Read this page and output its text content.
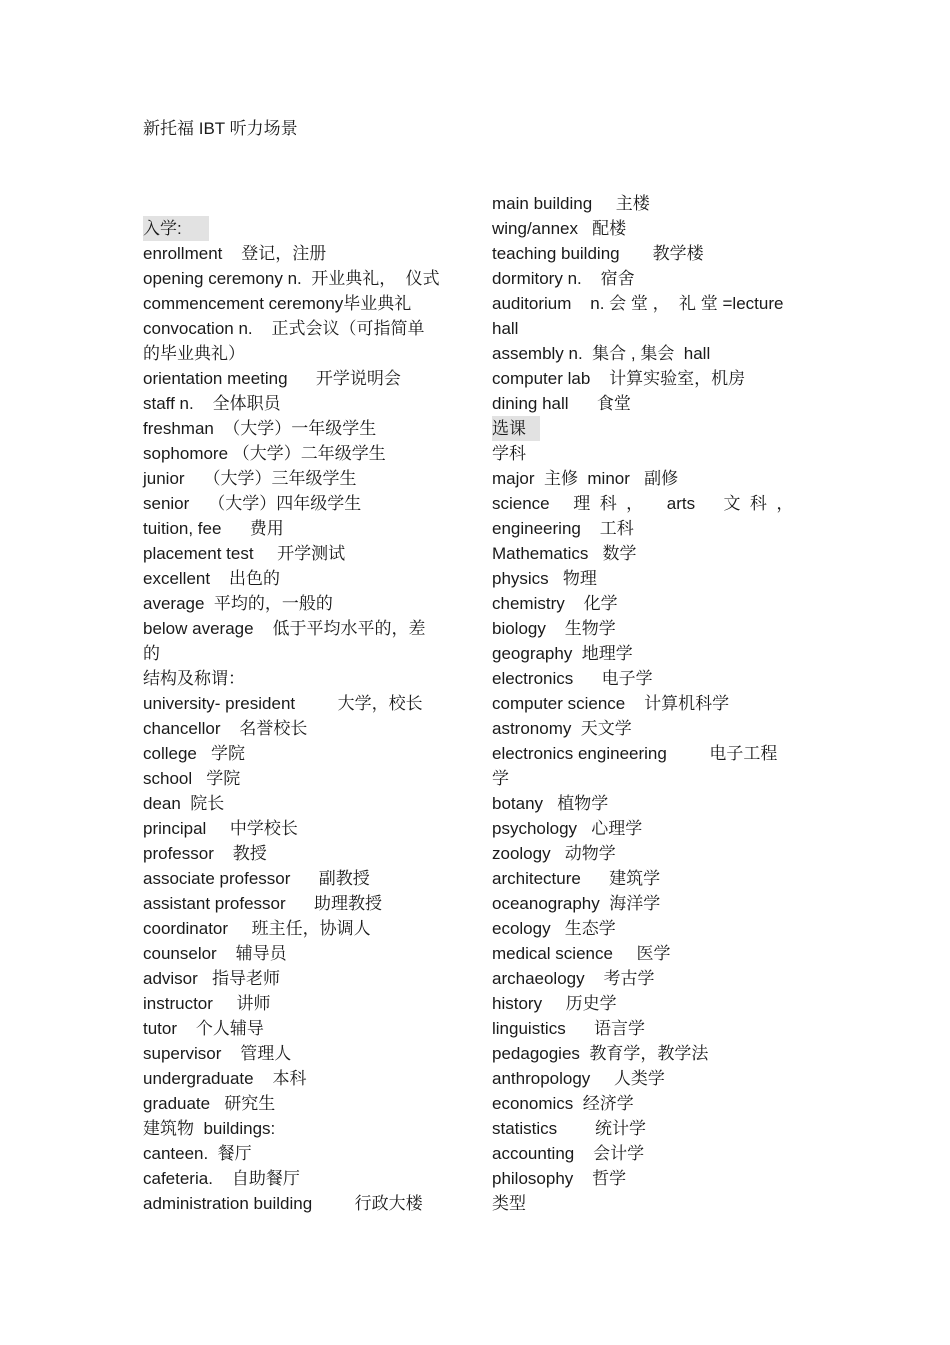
新托福 IBT 听力场景

入学:
enrollment    登记，注册
opening ceremony n.  开业典礼，  仪式
commencement ceremony毕业典礼
convocation n.    正式会议（可指简单
的毕业典礼）
orientation meeting      开学说明会
staff n.    全体职员
freshman  （大学）一年级学生
sophomore （大学）二年级学生
junior    （大学）三年级学生
senior    （大学）四年级学生
tuition, fee      费用
placement test     开学测试
excellent    出色的
average  平均的，一般的
below average    低于平均水平的，差
的
结构及称谓：
university- president         大学，校长
chancellor    名誉校长
college   学院
school   学院
dean  院长
principal     中学校长
professor    教授
associate professor      副教授
assistant professor      助理教授
coordinator     班主任，协调人
counselor    辅导员
advisor   指导老师
instructor     讲师
tutor    个人辅导
supervisor    管理人
undergraduate    本科
graduate   研究生
建筑物  buildings:
canteen.  餐厅
cafeteria.    自助餐厅
administration building         行政大楼
main building     主楼
wing/annex   配楼
teaching building       教学楼
dormitory n.    宿舍
auditorium    n. 会 堂 ，  礼 堂 =lecture
hall
assembly n.  集合 , 集会  hall
computer lab    计算实验室，机房
dining hall      食堂
选课
学科
major  主修  minor   副修
science     理  科  ，     arts      文  科  ，
engineering    工科
Mathematics   数学
physics   物理
chemistry    化学
biology    生物学
geography  地理学
electronics      电子学
computer science    计算机科学
astronomy  天文学
electronics engineering         电子工程
学
botany   植物学
psychology   心理学
zoology   动物学
architecture      建筑学
oceanography  海洋学
ecology   生态学
medical science     医学
archaeology    考古学
history     历史学
linguistics      语言学
pedagogies  教育学，教学法
anthropology     人类学
economics  经济学
statistics        统计学
accounting    会计学
philosophy    哲学
类型
